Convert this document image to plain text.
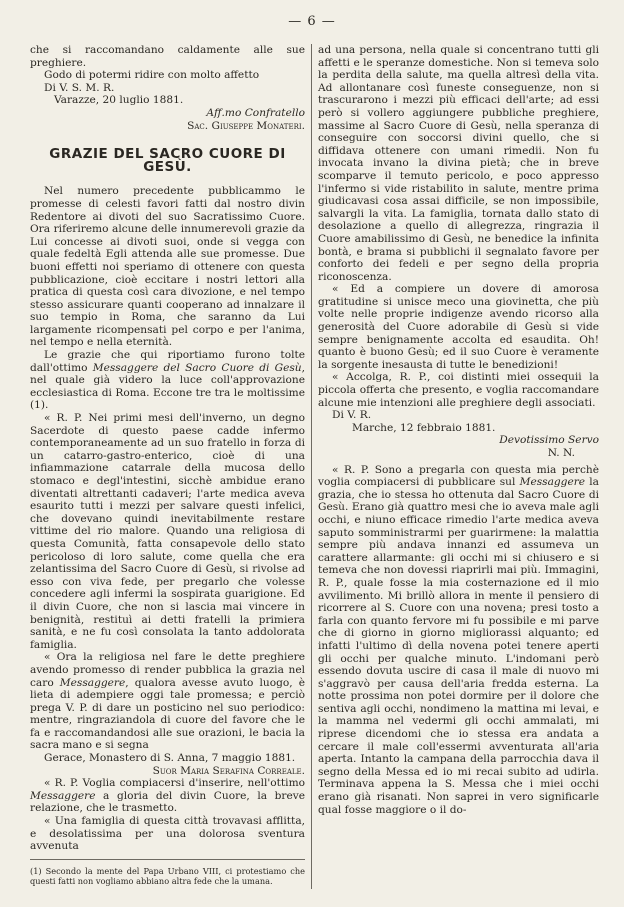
— 6 —

che si raccomandano caldamente alle sue preghiere.

Godo di potermi ridire con molto affetto

Di V. S. M. R.

Varazze, 20 luglio 1881.

Aff.mo Confratello

Sac. Giuseppe Monateri.

GRAZIE DEL SACRO CUORE DI GESÙ.

Nel numero precedente pubblicammo le promesse di celesti favori fatti dal nostro divin Redentore ai divoti del suo Sacratissimo Cuore. Ora riferiremo alcune delle innumerevoli grazie da Lui concesse ai divoti suoi, onde si vegga con quale fedeltà Egli attenda alle sue promesse. Due buoni effetti noi speriamo di ottenere con questa pubblicazione, cioè eccitare i nostri lettori alla pratica di questa così cara divozione, e nel tempo stesso assicurare quanti cooperano ad innalzare il suo tempio in Roma, che saranno da Lui largamente ricompensati pel corpo e per l'anima, nel tempo e nella eternità.

Le grazie che qui riportiamo furono tolte dall'ottimo Messaggere del Sacro Cuore di Gesù, nel quale già videro la luce coll'approvazione ecclesiastica di Roma. Eccone tre tra le moltissime (1).

« R. P. Nei primi mesi dell'inverno, un degno Sacerdote di questo paese cadde infermo contemporaneamente ad un suo fratello in forza di un catarro-gastro-enterico, cioè di una infiammazione catarrale della mucosa dello stomaco e degl'intestini, sicchè ambidue erano diventati altrettanti cadaveri; l'arte medica aveva esaurito tutti i mezzi per salvare questi infelici, che dovevano quindi inevitabilmente restare vittime del rio malore. Quando una religiosa di questa Comunità, fatta consapevole dello stato pericoloso di loro salute, come quella che era zelantissima del Sacro Cuore di Gesù, si rivolse ad esso con viva fede, per pregarlo che volesse concedere agli infermi la sospirata guarigione. Ed il divin Cuore, che non si lascia mai vincere in benignità, restituì ai detti fratelli la primiera sanità, e ne fu così consolata la tanto addolorata famiglia.

« Ora la religiosa nel fare le dette preghiere avendo promesso di render pubblica la grazia nel caro Messaggere, qualora avesse avuto luogo, è lieta di adempiere oggi tale promessa; e perciò prega V. P. di dare un posticino nel suo periodico: mentre, ringraziandola di cuore del favore che le fa e raccomandandosi alle sue orazioni, le bacia la sacra mano e si segna

Gerace, Monastero di S. Anna, 7 maggio 1881.

Suor Maria Serafina Correale.

« R. P. Voglia compiacersi d'inserire, nell'ottimo Messaggere a gloria del divin Cuore, la breve relazione, che le trasmetto.

« Una famiglia di questa città trovavasi afflitta, e desolatissima per una dolorosa sventura avvenuta

(1) Secondo la mente del Papa Urbano VIII, ci protestiamo che questi fatti non vogliamo abbiano altra fede che la umana.

ad una persona, nella quale si concentrano tutti gli affetti e le speranze domestiche. Non si temeva solo la perdita della salute, ma quella altresì della vita. Ad allontanare così funeste conseguenze, non si trascurarono i mezzi più efficaci dell'arte; ad essi però si vollero aggiungere pubbliche preghiere, massime al Sacro Cuore di Gesù, nella speranza di conseguire con soccorsi divini quello, che si diffidava ottenere con umani rimedii. Non fu invocata invano la divina pietà; che in breve scomparve il temuto pericolo, e poco appresso l'infermo si vide ristabilito in salute, mentre prima giudicavasi cosa assai difficile, se non impossibile, salvargli la vita. La famiglia, tornata dallo stato di desolazione a quello di allegrezza, ringrazia il Cuore amabilissimo di Gesù, ne benedice la infinita bontà, e brama si pubblichi il segnalato favore per conforto dei fedeli e per segno della propria riconoscenza.

« Ed a compiere un dovere di amorosa gratitudine si unisce meco una giovinetta, che più volte nelle proprie indigenze avendo ricorso alla generosità del Cuore adorabile di Gesù si vide sempre benignamente accolta ed esaudita. Oh! quanto è buono Gesù; ed il suo Cuore è veramente la sorgente inesausta di tutte le benedizioni!

« Accolga, R. P., coi distinti miei ossequii la piccola offerta che presento, e voglia raccomandare alcune mie intenzioni alle preghiere degli associati.

Di V. R.

Marche, 12 febbraio 1881.

Devotissimo Servo

N. N.

« R. P. Sono a pregarla con questa mia perchè voglia compiacersi di pubblicare sul Messaggere la grazia, che io stessa ho ottenuta dal Sacro Cuore di Gesù. Erano già quattro mesi che io aveva male agli occhi, e niuno efficace rimedio l'arte medica aveva saputo somministrarmi per guarirmene: la malattia sempre più andava innanzi ed assumeva un carattere allarmante: gli occhi mi si chiusero e si temeva che non dovessi riaprirli mai più. Immagini, R. P., quale fosse la mia costernazione ed il mio avvilimento. Mi brillò allora in mente il pensiero di ricorrere al S. Cuore con una novena; presi tosto a farla con quanto fervore mi fu possibile e mi parve che di giorno in giorno migliorassi alquanto; ed infatti l'ultimo dì della novena potei tenere aperti gli occhi per qualche minuto. L'indomani però essendo dovuta uscire di casa il male di nuovo mi s'aggravò per causa dell'aria fredda esterna. La notte prossima non potei dormire per il dolore che sentiva agli occhi, nondimeno la mattina mi levai, e la mamma nel vedermi gli occhi ammalati, mi riprese dicendomi che io stessa era andata a cercare il male coll'essermi avventurata all'aria aperta. Intanto la campana della parrocchia dava il segno della Messa ed io mi recai subito ad udirla. Terminava appena la S. Messa che i miei occhi erano già risanati. Non saprei in vero significarle qual fosse maggiore o il do-
